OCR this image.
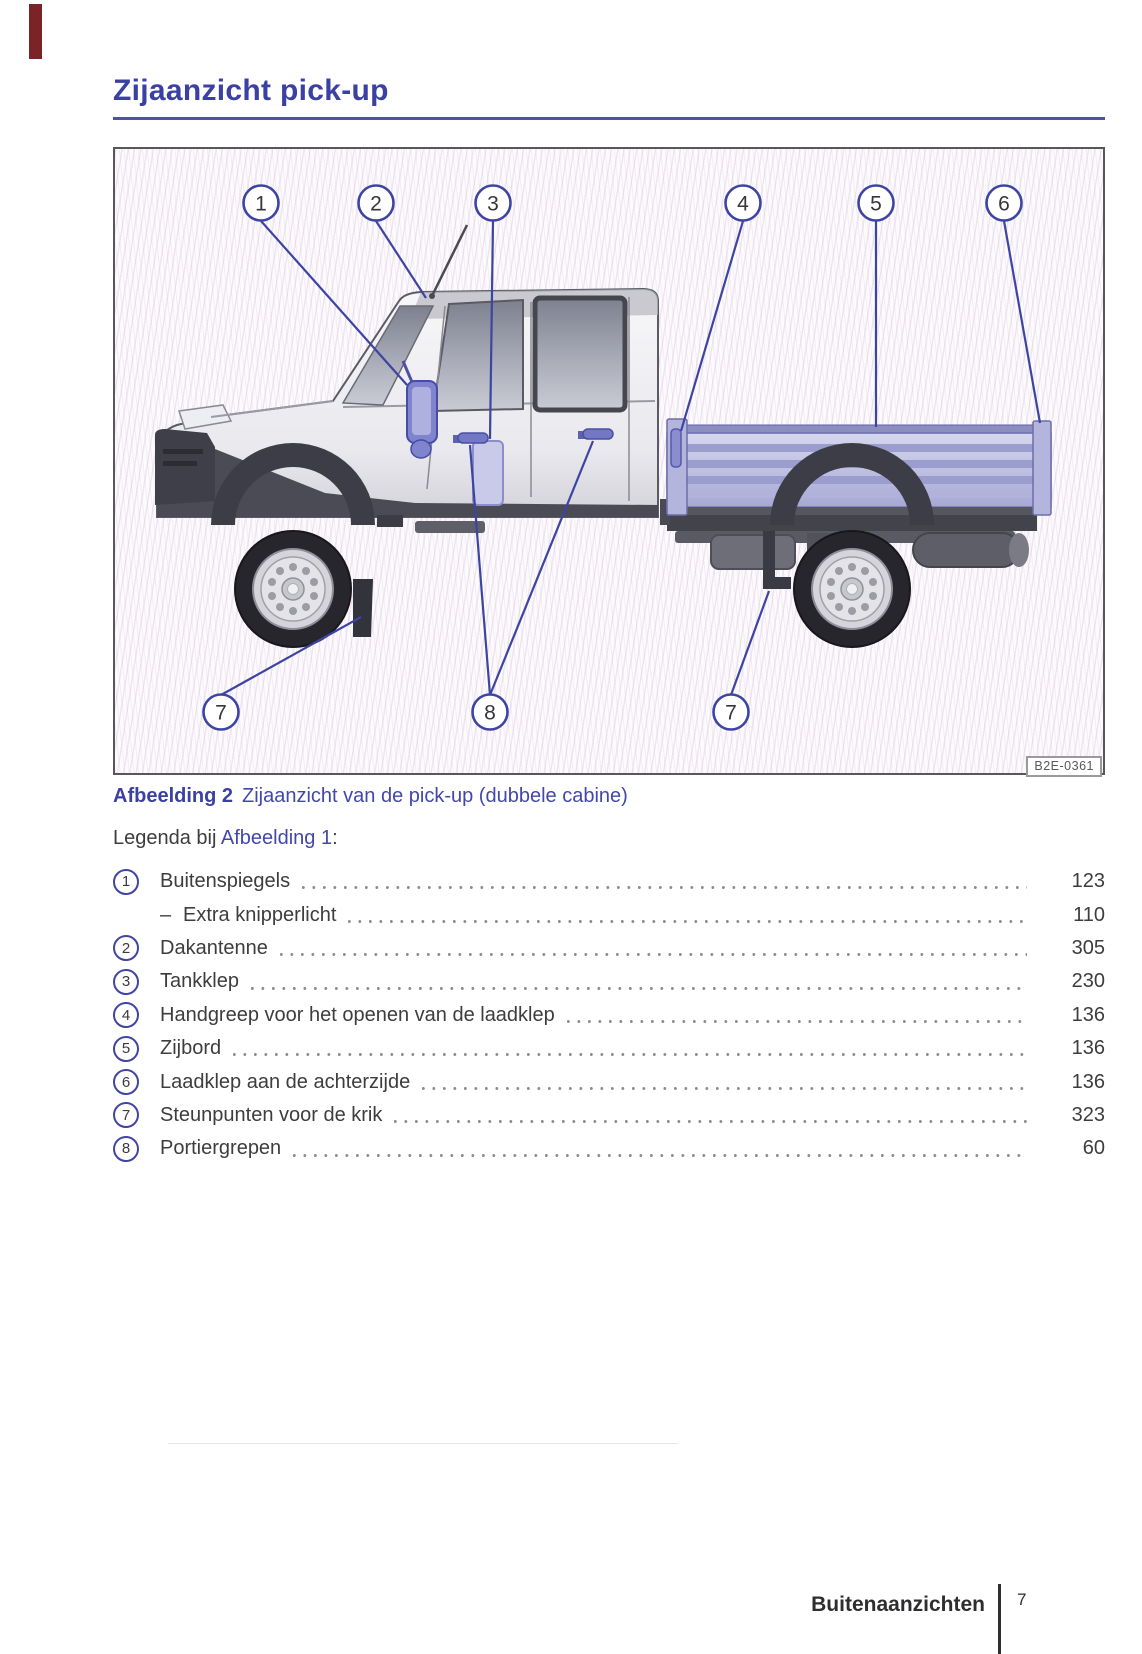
Zijaanzicht pick-up
1	2	3	4	5	6
7	8	7
B2E-0361
Afbeelding 2 Zijaanzicht van de pick-up (dubbele cabine)
Legenda bij Afbeelding 1:
1 Buitenspiegels	123
– Extra knipperlicht	110
2 Dakantenne	305
3 Tankklep	230
4 Handgreep voor het openen van de laadklep	136
5 Zijbord	136
6 Laadklep aan de achterzijde	136
7 Steunpunten voor de krik	323
8 Portiergrepen	60
Buitenaanzichten 7
